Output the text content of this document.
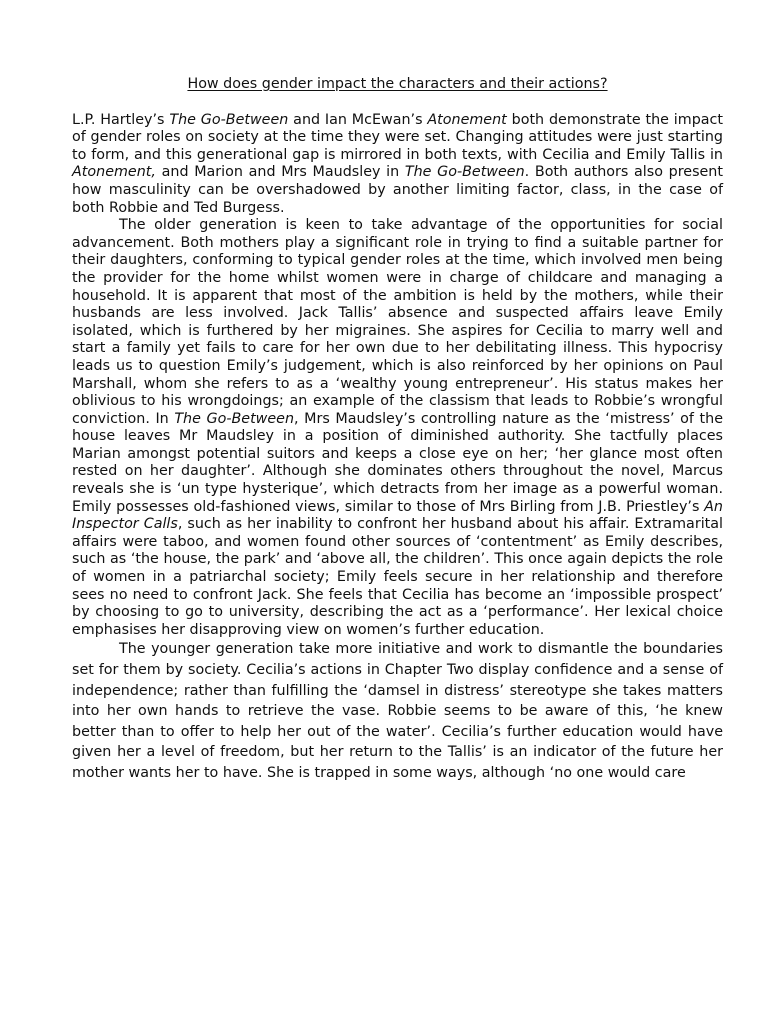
How does gender impact the characters and their actions?

L.P. Hartley’s The Go-Between and Ian McEwan’s Atonement both demonstrate the impact of gender roles on society at the time they were set. Changing attitudes were just starting to form, and this generational gap is mirrored in both texts, with Cecilia and Emily Tallis in Atonement, and Marion and Mrs Maudsley in The Go-Between. Both authors also present how masculinity can be overshadowed by another limiting factor, class, in the case of both Robbie and Ted Burgess.

The older generation is keen to take advantage of the opportunities for social advancement. Both mothers play a significant role in trying to find a suitable partner for their daughters, conforming to typical gender roles at the time, which involved men being the provider for the home whilst women were in charge of childcare and managing a household. It is apparent that most of the ambition is held by the mothers, while their husbands are less involved. Jack Tallis’ absence and suspected affairs leave Emily isolated, which is furthered by her migraines. She aspires for Cecilia to marry well and start a family yet fails to care for her own due to her debilitating illness. This hypocrisy leads us to question Emily’s judgement, which is also reinforced by her opinions on Paul Marshall, whom she refers to as a ‘wealthy young entrepreneur’. His status makes her oblivious to his wrongdoings; an example of the classism that leads to Robbie’s wrongful conviction. In The Go-Between, Mrs Maudsley’s controlling nature as the ‘mistress’ of the house leaves Mr Maudsley in a position of diminished authority. She tactfully places Marian amongst potential suitors and keeps a close eye on her; ‘her glance most often rested on her daughter’. Although she dominates others throughout the novel, Marcus reveals she is ‘un type hysterique’, which detracts from her image as a powerful woman. Emily possesses old-fashioned views, similar to those of Mrs Birling from J.B. Priestley’s An Inspector Calls, such as her inability to confront her husband about his affair. Extramarital affairs were taboo, and women found other sources of ‘contentment’ as Emily describes, such as ‘the house, the park’ and ‘above all, the children’. This once again depicts the role of women in a patriarchal society; Emily feels secure in her relationship and therefore sees no need to confront Jack. She feels that Cecilia has become an ‘impossible prospect’ by choosing to go to university, describing the act as a ‘performance’. Her lexical choice emphasises her disapproving view on women’s further education.

The younger generation take more initiative and work to dismantle the boundaries set for them by society. Cecilia’s actions in Chapter Two display confidence and a sense of independence; rather than fulfilling the ‘damsel in distress’ stereotype she takes matters into her own hands to retrieve the vase. Robbie seems to be aware of this, ‘he knew better than to offer to help her out of the water’. Cecilia’s further education would have given her a level of freedom, but her return to the Tallis’ is an indicator of the future her mother wants her to have. She is trapped in some ways, although ‘no one would care
